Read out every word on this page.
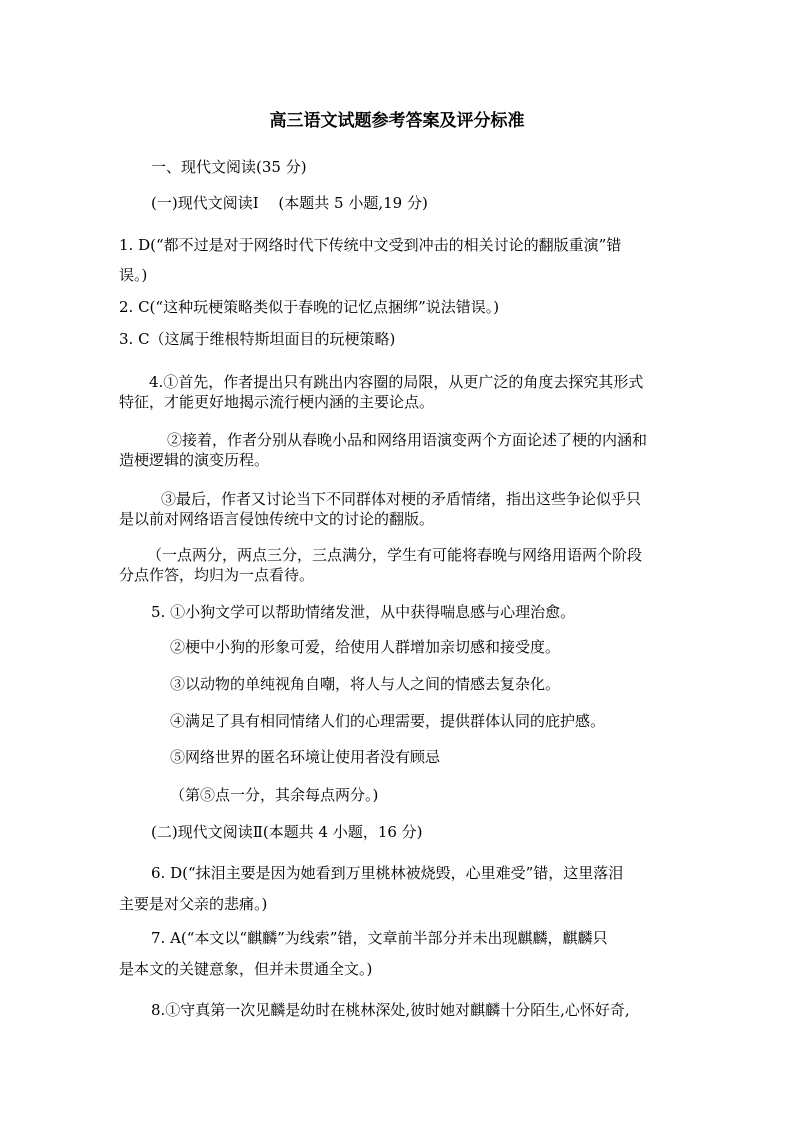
高三语文试题参考答案及评分标准
一、现代文阅读(35 分)
(一)现代文阅读Ⅰ　 (本题共 5 小题,19 分)
1. D(“都不过是对于网络时代下传统中文受到冲击的相关讨论的翻版重演”错
误。)
2. C(“这种玩梗策略类似于春晚的记忆点捆绑”说法错误。)
3. C（这属于维根特斯坦面目的玩梗策略)
4.①首先，作者提出只有跳出内容圈的局限，从更广泛的角度去探究其形式
特征，才能更好地揭示流行梗内涵的主要论点。
②接着，作者分别从春晚小品和网络用语演变两个方面论述了梗的内涵和
造梗逻辑的演变历程。
③最后，作者又讨论当下不同群体对梗的矛盾情绪，指出这些争论似乎只
是以前对网络语言侵蚀传统中文的讨论的翻版。
（一点两分，两点三分，三点满分，学生有可能将春晚与网络用语两个阶段
分点作答，均归为一点看待。
5. ①小狗文学可以帮助情绪发泄，从中获得喘息感与心理治愈。
②梗中小狗的形象可爱，给使用人群增加亲切感和接受度。
③以动物的单纯视角自嘲，将人与人之间的情感去复杂化。
④满足了具有相同情绪人们的心理需要，提供群体认同的庇护感。
⑤网络世界的匿名环境让使用者没有顾忌
（第⑤点一分，其余每点两分。)
(二)现代文阅读Ⅱ(本题共 4 小题，16 分)
6. D(“抹泪主要是因为她看到万里桃林被烧毁，心里难受”错，这里落泪
主要是对父亲的悲痛。)
7. A(“本文以“麒麟”为线索”错，文章前半部分并未出现麒麟，麒麟只
是本文的关键意象，但并未贯通全文。)
8.①守真第一次见麟是幼时在桃林深处,彼时她对麒麟十分陌生,心怀好奇,
